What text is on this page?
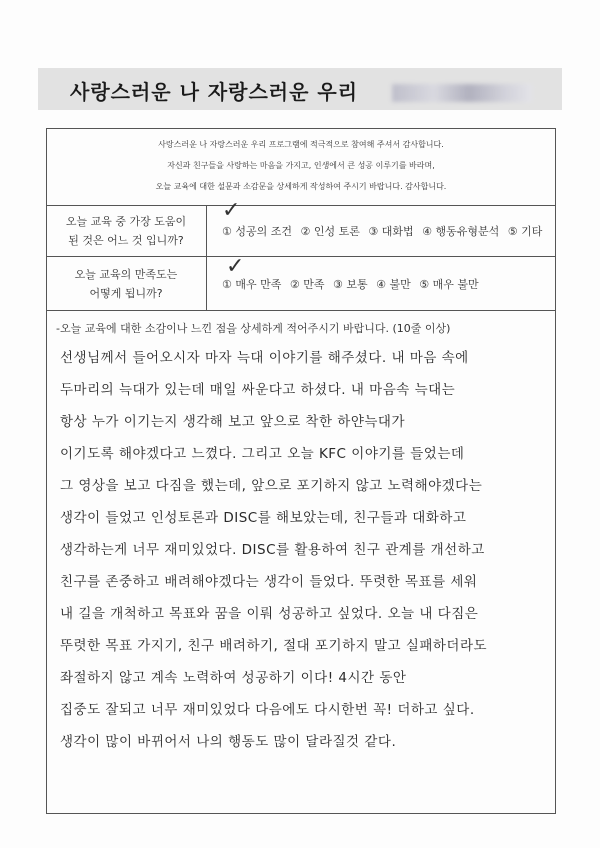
사랑스러운 나 자랑스러운 우리
사랑스러운 나 자랑스러운 우리 프로그램에 적극적으로 참여해 주셔서 감사합니다.
자신과 친구들을 사랑하는 마음을 가지고, 인생에서 큰 성공 이루기를 바라며,
오늘 교육에 대한 설문과 소감문을 상세하게 작성하여 주시기 바랍니다. 감사합니다.
오늘 교육 중 가장 도움이
된 것은 어느 것 입니까?
① 성공의 조건 ② 인성 토론 ③ 대화법 ④ 행동유형분석 ⑤ 기타
✓
오늘 교육의 만족도는
어떻게 됩니까?
① 매우 만족 ② 만족 ③ 보통 ④ 불만 ⑤ 매우 불만
✓
-오늘 교육에 대한 소감이나 느낀 점을 상세하게 적어주시기 바랍니다. (10줄 이상)
선생님께서 들어오시자 마자 늑대 이야기를 해주셨다. 내 마음 속에
두마리의 늑대가 있는데 매일 싸운다고 하셨다. 내 마음속 늑대는
항상 누가 이기는지 생각해 보고 앞으로 착한 하얀늑대가
이기도록 해야겠다고 느꼈다. 그리고 오늘 KFC 이야기를 들었는데
그 영상을 보고 다짐을 했는데, 앞으로 포기하지 않고 노력해야겠다는
생각이 들었고 인성토론과 DISC를 해보았는데, 친구들과 대화하고
생각하는게 너무 재미있었다. DISC를 활용하여 친구 관계를 개선하고
친구를 존중하고 배려해야겠다는 생각이 들었다. 뚜렷한 목표를 세워
내 길을 개척하고 목표와 꿈을 이뤄 성공하고 싶었다. 오늘 내 다짐은
뚜렷한 목표 가지기, 친구 배려하기, 절대 포기하지 말고 실패하더라도
좌절하지 않고 계속 노력하여 성공하기 이다! 4시간 동안
집중도 잘되고 너무 재미있었다 다음에도 다시한번 꼭! 더하고 싶다.
생각이 많이 바뀌어서 나의 행동도 많이 달라질것 같다.
